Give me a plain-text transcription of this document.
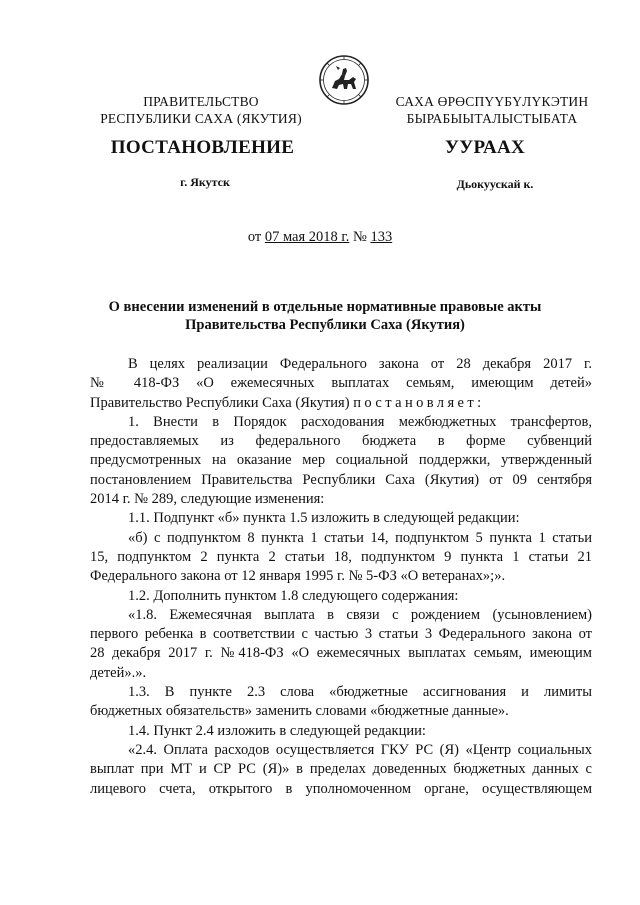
ПРАВИТЕЛЬСТВО
РЕСПУБЛИКИ САХА (ЯКУТИЯ)
САХА ӨРӨСПҮҮБҮЛҮКЭТИН
БЫРАБЫЫТАЛЫСТЫБАТА
ПОСТАНОВЛЕНИЕ	УУРААХ
г. Якутск	Дьокуускай к.
от 07 мая 2018 г. № 133
О внесении изменений в отдельные нормативные правовые акты
Правительства Республики Саха (Якутия)

В целях реализации Федерального закона от 28 декабря 2017 г.

№ 418-ФЗ «О ежемесячных выплатах семьям, имеющим детей»

Правительство Республики Саха (Якутия) постановляет:

1. Внести в Порядок расходования межбюджетных трансфертов,

предоставляемых из федерального бюджета в форме субвенций

предусмотренных на оказание мер социальной поддержки, утвержденный

постановлением Правительства Республики Саха (Якутия) от 09 сентября

2014 г. № 289, следующие изменения:

1.1. Подпункт «б» пункта 1.5 изложить в следующей редакции:

«б) с подпунктом 8 пункта 1 статьи 14, подпунктом 5 пункта 1 статьи

15, подпунктом 2 пункта 2 статьи 18, подпунктом 9 пункта 1 статьи 21

Федерального закона от 12 января 1995 г. № 5-ФЗ «О ветеранах»;».

1.2. Дополнить пунктом 1.8 следующего содержания:

«1.8. Ежемесячная выплата в связи с рождением (усыновлением)

первого ребенка в соответствии с частью 3 статьи 3 Федерального закона от

28 декабря 2017 г. №418-ФЗ «О ежемесячных выплатах семьям, имеющим

детей».».

1.3. В пункте 2.3 слова «бюджетные ассигнования и лимиты

бюджетных обязательств» заменить словами «бюджетные данные».

1.4. Пункт 2.4 изложить в следующей редакции:

«2.4. Оплата расходов осуществляется ГКУ РС (Я) «Центр социальных

выплат при МТ и СР РС (Я)» в пределах доведенных бюджетных данных с

лицевого счета, открытого в уполномоченном органе, осуществляющем
